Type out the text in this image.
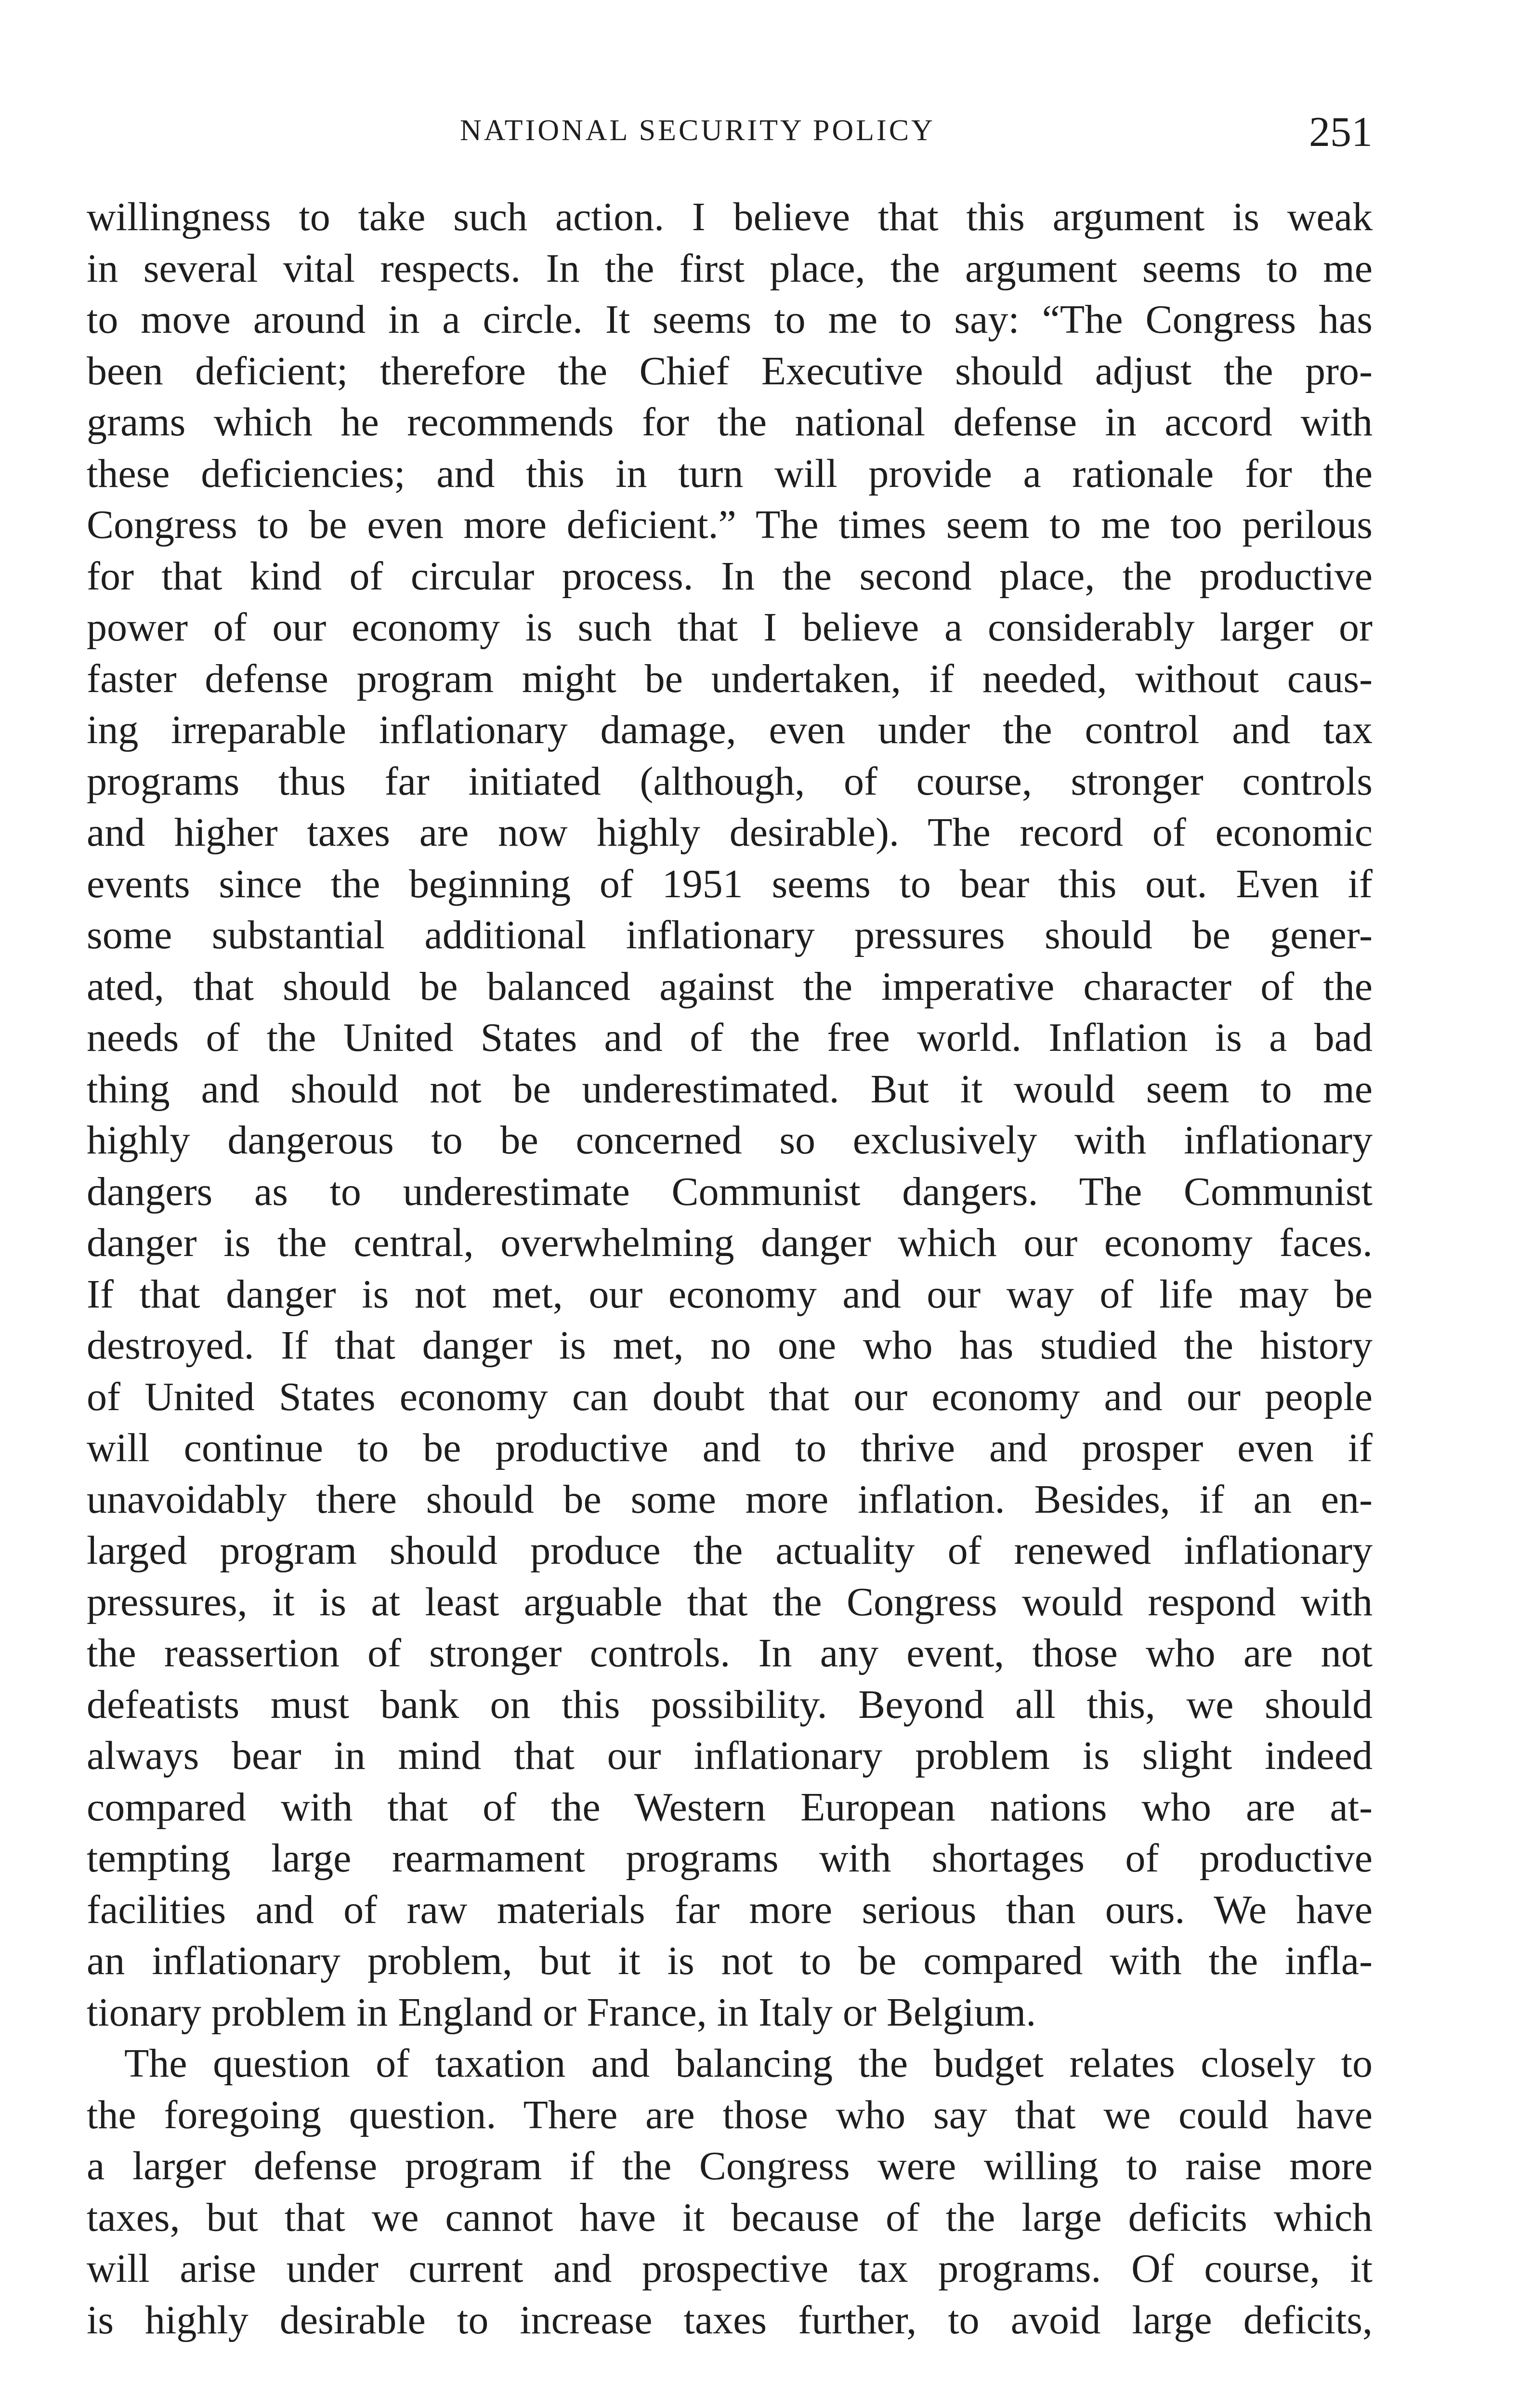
NATIONAL SECURITY POLICY	251
willingness to take such action. I believe that this argument is weak
in several vital respects. In the first place, the argument seems to me
to move around in a circle. It seems to me to say: “The Congress has
been deficient; therefore the Chief Executive should adjust the pro-
grams which he recommends for the national defense in accord with
these deficiencies; and this in turn will provide a rationale for the
Congress to be even more deficient.” The times seem to me too perilous
for that kind of circular process. In the second place, the productive
power of our economy is such that I believe a considerably larger or
faster defense program might be undertaken, if needed, without caus-
ing irreparable inflationary damage, even under the control and tax
programs thus far initiated (although, of course, stronger controls
and higher taxes are now highly desirable). The record of economic
events since the beginning of 1951 seems to bear this out. Even if
some substantial additional inflationary pressures should be gener-
ated, that should be balanced against the imperative character of the
needs of the United States and of the free world. Inflation is a bad
thing and should not be underestimated. But it would seem to me
highly dangerous to be concerned so exclusively with inflationary
dangers as to underestimate Communist dangers. The Communist
danger is the central, overwhelming danger which our economy faces.
If that danger is not met, our economy and our way of life may be
destroyed. If that danger is met, no one who has studied the history
of United States economy can doubt that our economy and our people
will continue to be productive and to thrive and prosper even if
unavoidably there should be some more inflation. Besides, if an en-
larged program should produce the actuality of renewed inflationary
pressures, it is at least arguable that the Congress would respond with
the reassertion of stronger controls. In any event, those who are not
defeatists must bank on this possibility. Beyond all this, we should
always bear in mind that our inflationary problem is slight indeed
compared with that of the Western European nations who are at-
tempting large rearmament programs with shortages of productive
facilities and of raw materials far more serious than ours. We have
an inflationary problem, but it is not to be compared with the infla-
tionary problem in England or France, in Italy or Belgium.
The question of taxation and balancing the budget relates closely to
the foregoing question. There are those who say that we could have
a larger defense program if the Congress were willing to raise more
taxes, but that we cannot have it because of the large deficits which
will arise under current and prospective tax programs. Of course, it
is highly desirable to increase taxes further, to avoid large deficits,
